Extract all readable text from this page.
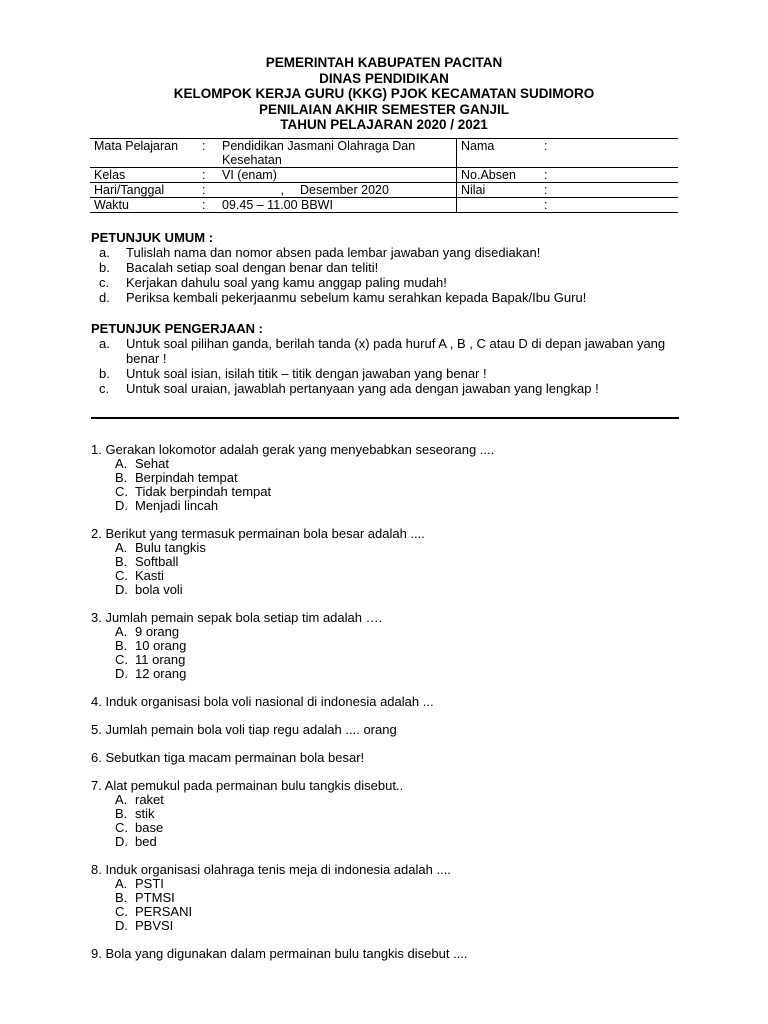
PEMERINTAH KABUPATEN PACITAN
DINAS PENDIDIKAN
KELOMPOK KERJA GURU (KKG) PJOK KECAMATAN SUDIMORO
PENILAIAN AKHIR SEMESTER GANJIL
TAHUN PELAJARAN 2020 / 2021
Mata Pelajaran	:	Pendidikan Jasmani Olahraga Dan Kesehatan	Nama	:	
Kelas	:	VI (enam)	No.Absen	:	
Hari/Tanggal	:	, Desember 2020	Nilai	:	
Waktu	:	09.45 – 11.00 BBWI		:	
PETUNJUK UMUM :
a. Tulislah nama dan nomor absen pada lembar jawaban yang disediakan!
b. Bacalah setiap soal dengan benar dan teliti!
c. Kerjakan dahulu soal yang kamu anggap paling mudah!
d. Periksa kembali pekerjaanmu sebelum kamu serahkan kepada Bapak/Ibu Guru!
PETUNJUK PENGERJAAN :
a. Untuk soal pilihan ganda, berilah tanda (x) pada huruf A , B , C atau D di depan jawaban yang benar !
b. Untuk soal isian, isilah titik – titik dengan jawaban yang benar !
c. Untuk soal uraian, jawablah pertanyaan yang ada dengan jawaban yang lengkap !
1. Gerakan lokomotor adalah gerak yang menyebabkan seseorang ....
A. Sehat
B. Berpindah tempat
C. Tidak berpindah tempat
D. Menjadi lincah
2. Berikut yang termasuk permainan bola besar adalah ....
A. Bulu tangkis
B. Softball
C. Kasti
D. bola voli
3. Jumlah pemain sepak bola setiap tim adalah ….
A. 9 orang
B. 10 orang
C. 11 orang
D. 12 orang
4. Induk organisasi bola voli nasional di indonesia adalah ...
5. Jumlah pemain bola voli tiap regu adalah .... orang
6. Sebutkan tiga macam permainan bola besar!
7. Alat pemukul pada permainan bulu tangkis disebut..
A. raket
B. stik
C. base
D. bed
8. Induk organisasi olahraga tenis meja di indonesia adalah ....
A. PSTI
B. PTMSI
C. PERSANI
D. PBVSI
9. Bola yang digunakan dalam permainan bulu tangkis disebut ....
